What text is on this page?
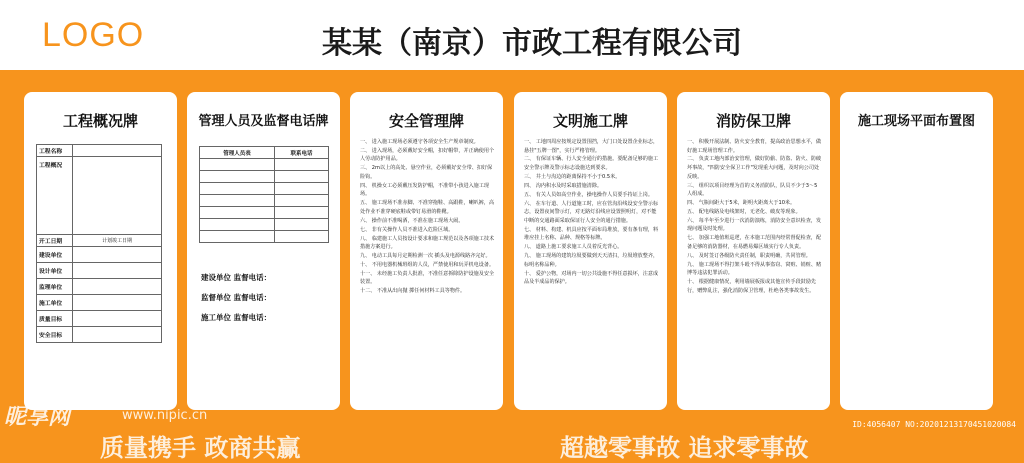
LOGO	某某（南京）市政工程有限公司
工程概况牌
工程名称	
工程概况	
开工日期	计划竣工日期
建设单位	
设计单位	
监理单位	
施工单位	
质量目标	
安全目标	
管理人员及监督电话牌
管理人员表	联系电话

建设单位 监督电话：
监督单位 监督电话：
施工单位 监督电话：
安全管理牌
一、 进入施工现场必须遵守各项安全生产规章制度。
二、 进入现场，必须戴好安全帽，扣好帽带，并正确使用个人劳动防护用品。
三、 2m以上的高处、悬空作业，必须戴好安全带、扣好保险钩。
四、 机操女工必须戴压发防护帽，不准带小孩进入施工现场。
五、 施工现场不准赤脚、不准穿拖鞋、高跟鞋，喇叭裤，高处作业不准穿硬底鞋或带钉易滑的鞋靴。
六、 操作前不准喝酒，不准在施工现场大闹。
七、 非有关操作人员不准进入危险区域。
八、 临建施工人员按设计要求和施工规范以及各项施工技术措施方案进行。
九、 电动工具每月定期检测一次 插头及电源线路齐完好。
十、 不用电器机械班组的人员，严禁使用和玩弄机电设备。
十一、 未经施工负责人批准，不准任意拆除防护设施及安全装置。
十二、 不准从出向抛 掷任何材料工具等物件。
文明施工牌
一、 工地四周应按规定设置围挡，大门口处设置企业标志，悬挂"五牌一图"，实行严格管理。
二、 有保证车辆、行人安全通行的措施。要配备足够的施工安全警示牌及警示标志设施达到要求。
三、 井土与沟边的距离保持不小于0.5米。
四、 沟内积水及时采取措施清除。
五、 有关人员如高空作业，操电操作人员要手持证上岗。
六、 在车行道、人行道施工时，应在管沟沿线设安全警示标志，设置夜间警示灯，对无路灯沿线应设置照明灯，对不能中断的交通路面采取保证行人安全的通行措施。
七、 材料、构建、机具应按平面布局堆放，要有条有理，料堆应挂上名称、品种、规格等标牌。
八、 道路上施工要求施工人员着反光背心。
九、 施工现场的建筑垃圾要做到天天清扫，垃圾堆放整齐，标明名称品种。
十、 爱护公物，对场内一切公共设施不得任意损坏，注意成品及半成品的保护。
消防保卫牌
一、 积极开展法制、防火安全教育，提高政治思想水平，做好施工现场管理工作。
二、 负责工地内部治安管理，做好防偷、防盗、防火、防破坏事故，"四防安全保卫工作"发现重大问题，及时向公司处反映。
三、 组织以项目经理为首的义务消防队，队员不少于3～5人组成。
四、 气瓶间距大于5米，距明火距离大于10米。
五、 配电线路及电线架时，无老化、破皮等现象。
六、 每半年至少进行一次消防演练，消防安全意识检查，发现问题及时处理。
七、 加强工地值班巡逻，在本施工范围内经常督促检查，配备足够的消防器材，在易燃易爆区域实行专人负责。
八、 及时签订各级防火责任制，职责明确，共同管理。
九、 施工现场不得打架斗殴不得从事盗窃、窝赃、销赃、赌博等违法犯罪活动。
十、 根据健康情况，利用墙展板报或其他宣传手段鼓励先行，赠弊乱注，强化消防保卫管理，杜绝各类事故发生。
施工现场平面布置图
质量携手 政商共赢	超越零事故 追求零事故
昵享网	www.nipic.cn
ID:4056407 NO:20201213170451020084
